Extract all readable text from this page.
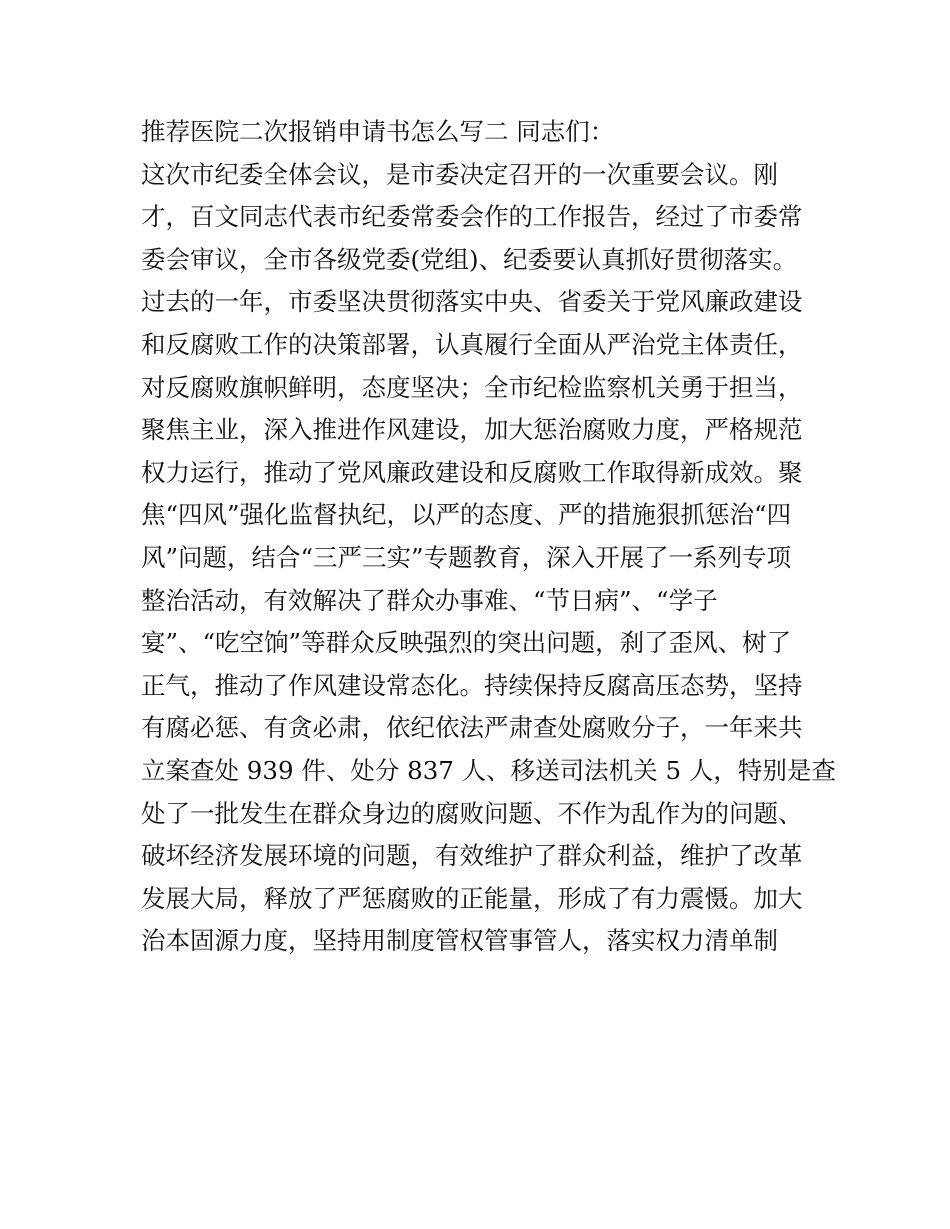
推荐医院二次报销申请书怎么写二 同志们：

这次市纪委全体会议，是市委决定召开的一次重要会议。刚

才，百文同志代表市纪委常委会作的工作报告，经过了市委常

委会审议，全市各级党委(党组)、纪委要认真抓好贯彻落实。

过去的一年，市委坚决贯彻落实中央、省委关于党风廉政建设

和反腐败工作的决策部署，认真履行全面从严治党主体责任，

对反腐败旗帜鲜明，态度坚决；全市纪检监察机关勇于担当，

聚焦主业，深入推进作风建设，加大惩治腐败力度，严格规范

权力运行，推动了党风廉政建设和反腐败工作取得新成效。聚

焦“四风”强化监督执纪，以严的态度、严的措施狠抓惩治“四

风”问题，结合“三严三实”专题教育，深入开展了一系列专项

整治活动，有效解决了群众办事难、“节日病”、“学子

宴”、“吃空饷”等群众反映强烈的突出问题，刹了歪风、树了

正气，推动了作风建设常态化。持续保持反腐高压态势，坚持

有腐必惩、有贪必肃，依纪依法严肃查处腐败分子，一年来共

立案查处 939 件、处分 837 人、移送司法机关 5 人，特别是查

处了一批发生在群众身边的腐败问题、不作为乱作为的问题、

破坏经济发展环境的问题，有效维护了群众利益，维护了改革

发展大局，释放了严惩腐败的正能量，形成了有力震慑。加大

治本固源力度，坚持用制度管权管事管人，落实权力清单制
